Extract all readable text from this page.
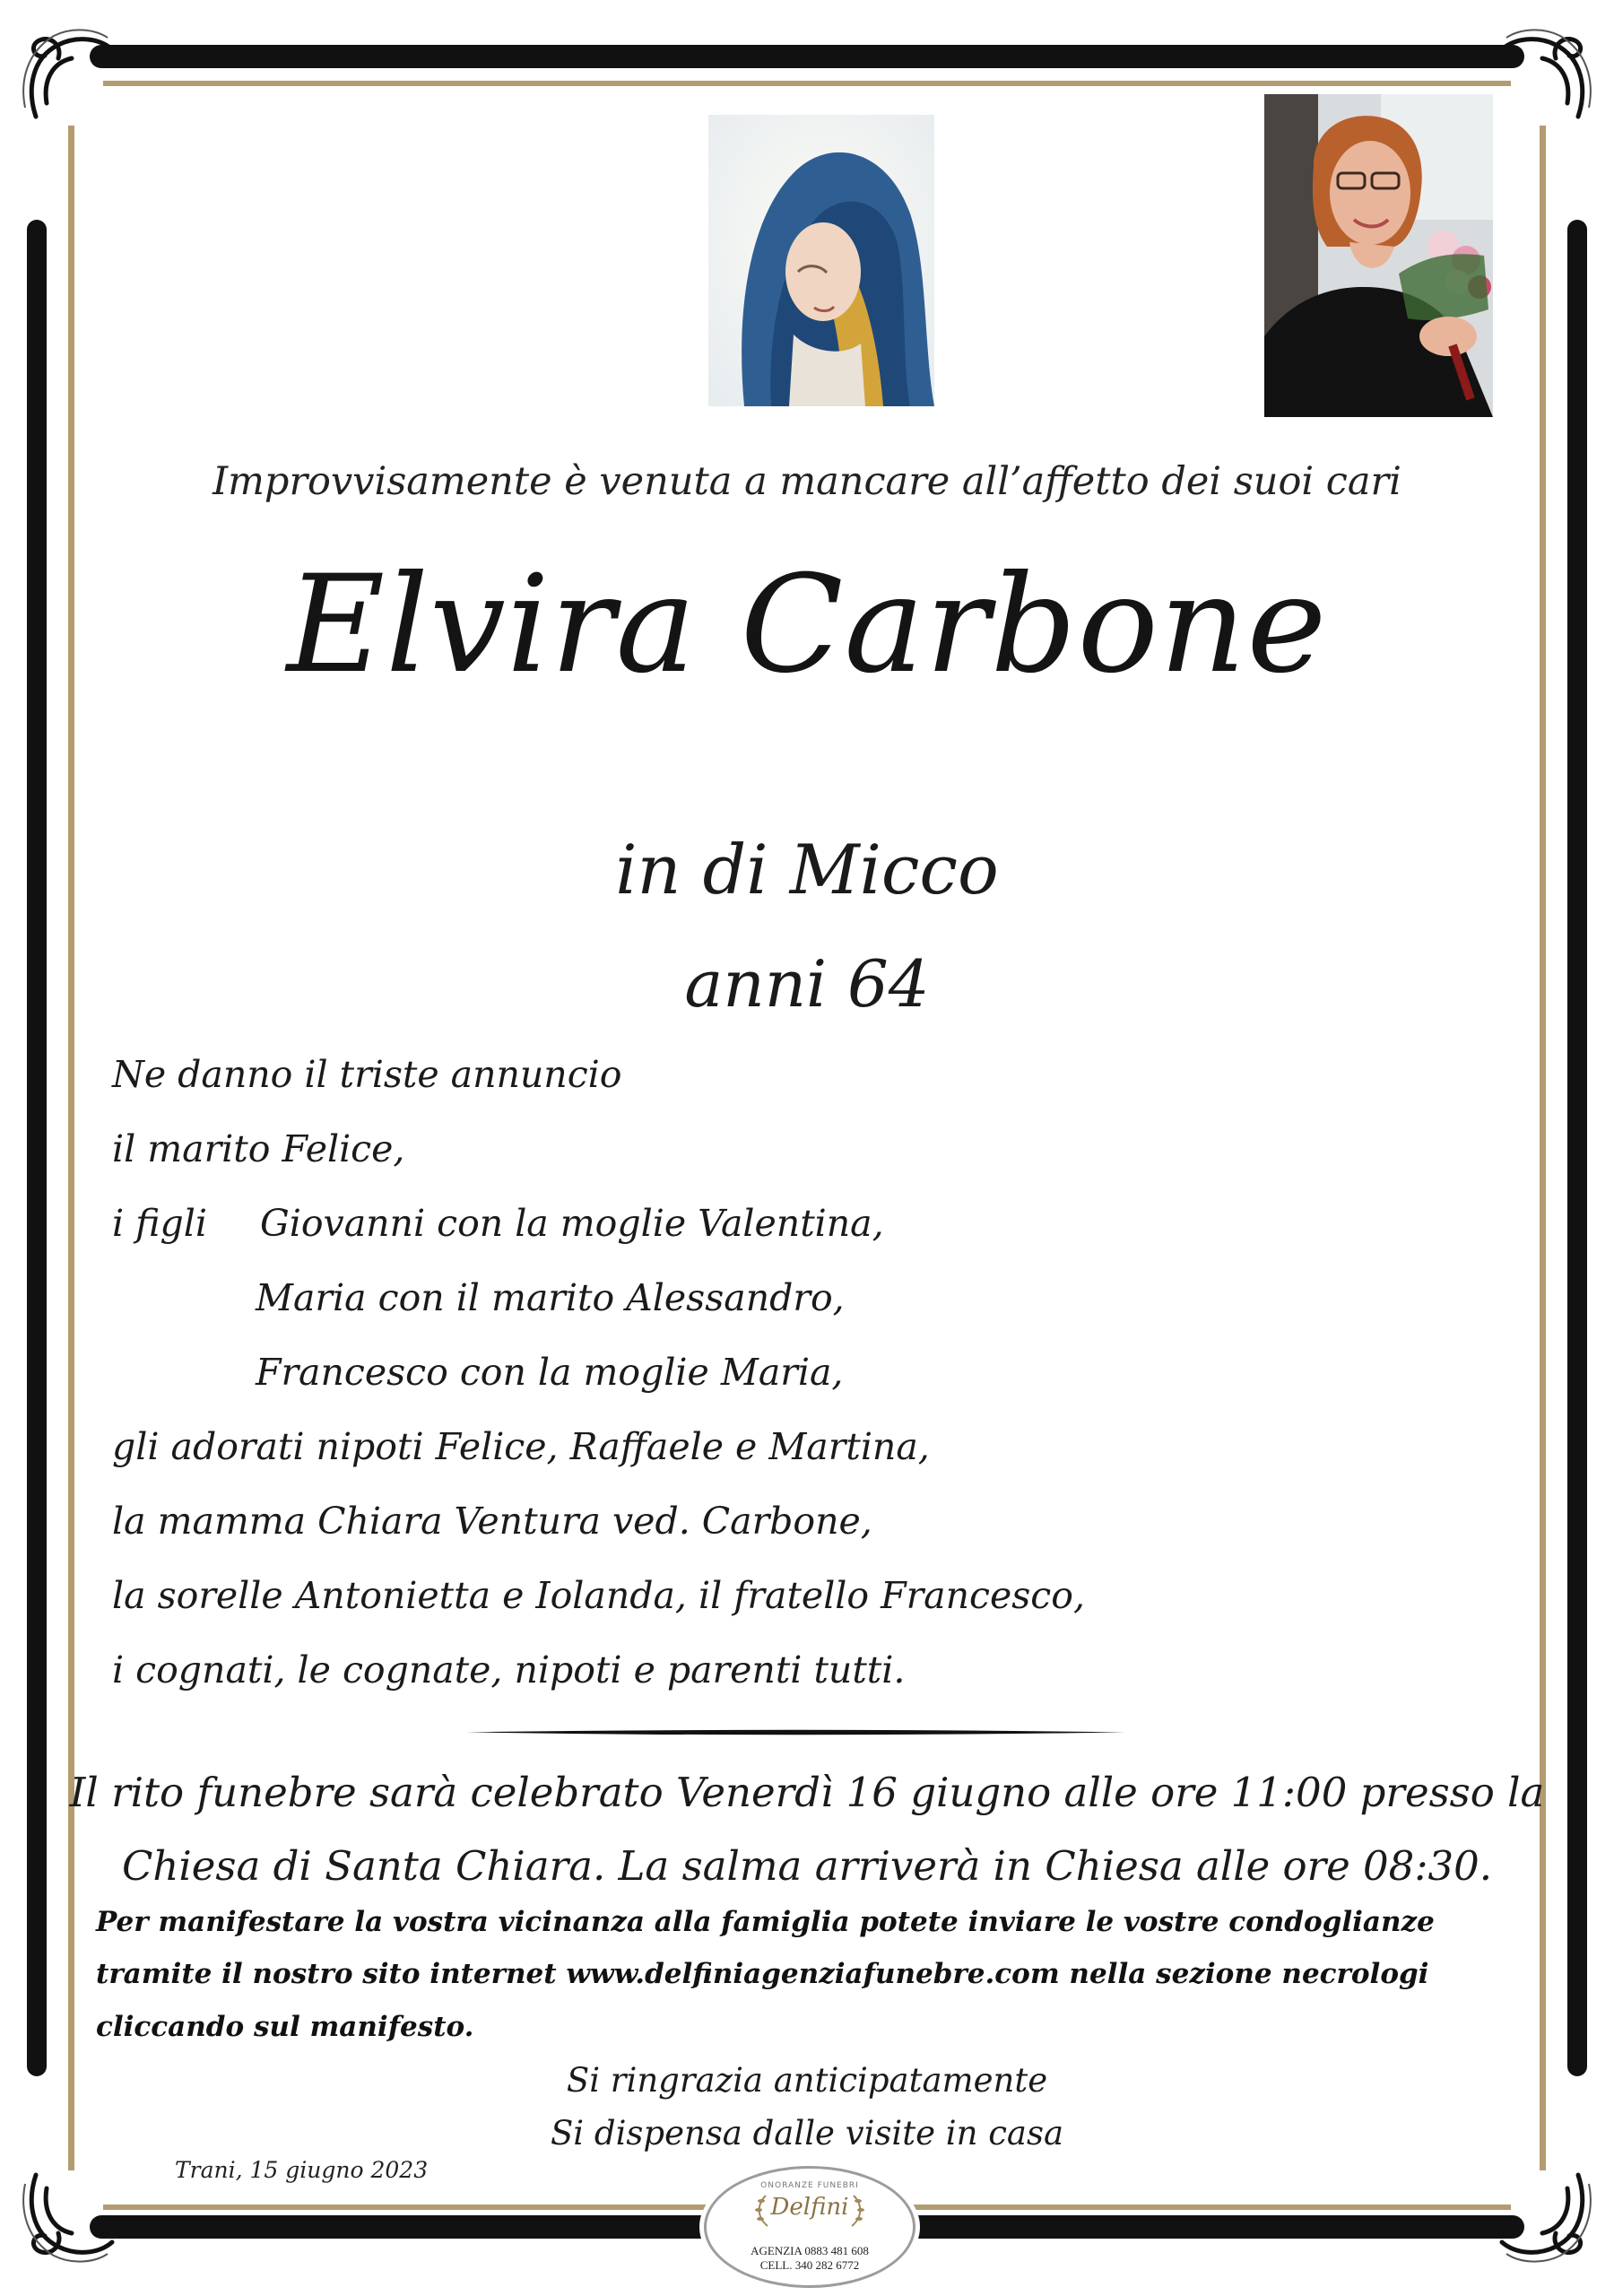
Improvvisamente è venuta a mancare all’affetto dei suoi cari
Elvira Carbone
in di Micco
anni 64
Ne danno il triste annuncio
il marito Felice,
i figli Giovanni con la moglie Valentina,
Maria con il marito Alessandro,
Francesco con la moglie Maria,
gli adorati nipoti Felice, Raffaele e Martina,
la mamma Chiara Ventura ved. Carbone,
la sorelle Antonietta e Iolanda, il fratello Francesco,
i cognati, le cognate, nipoti e parenti tutti.
Il rito funebre sarà celebrato Venerdì 16 giugno alle ore 11:00 presso la
Chiesa di Santa Chiara. La salma arriverà in Chiesa alle ore 08:30.
Per manifestare la vostra vicinanza alla famiglia potete inviare le vostre condoglianze
tramite il nostro sito internet www.delfiniagenziafunebre.com nella sezione necrologi
cliccando sul manifesto.
Si ringrazia anticipatamente
Si dispensa dalle visite in casa
Trani, 15 giugno 2023
ONORANZE FUNEBRI
Delfini
AGENZIA 0883 481 608
CELL. 340 282 6772
